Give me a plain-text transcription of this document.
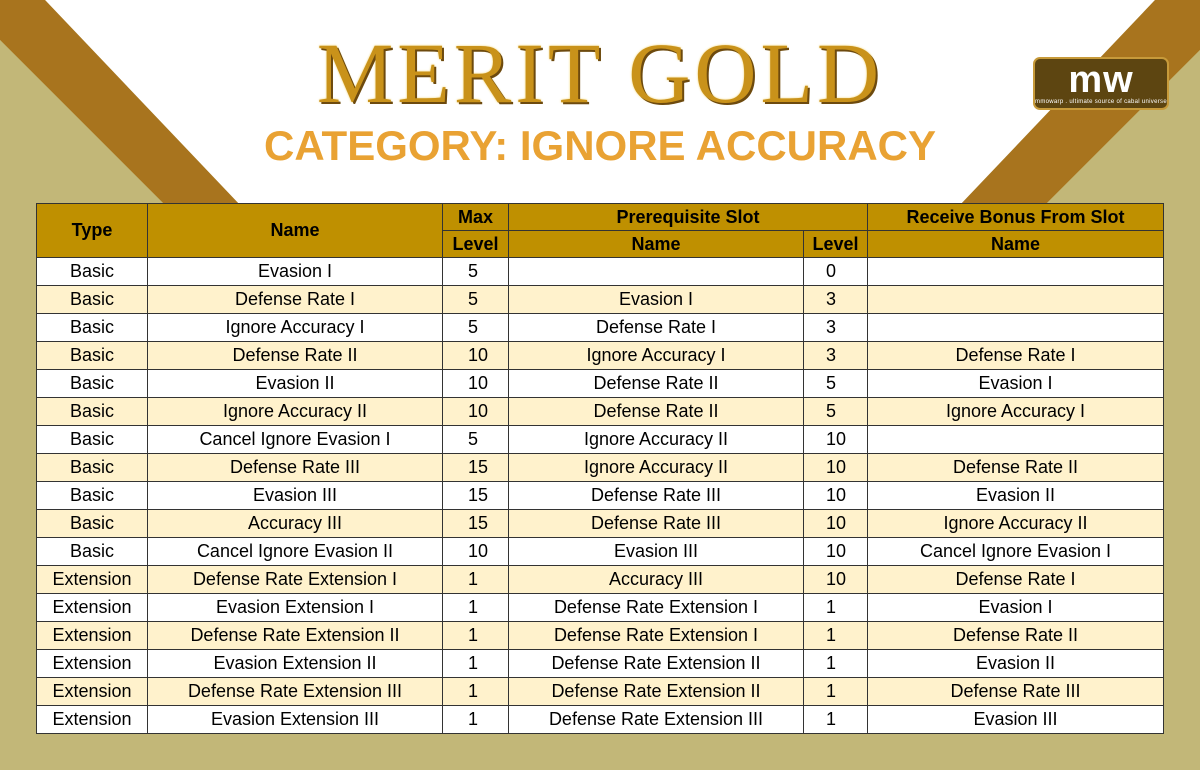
MERIT GOLD
CATEGORY: IGNORE ACCURACY
mw
mmowarp . ultimate source of cabal universe
Type	Name	Max	Prerequisite Slot		Receive Bonus From Slot
		Level	Name	Level	Name
Basic	Evasion I	5		0	
Basic	Defense Rate I	5	Evasion I	3	
Basic	Ignore Accuracy I	5	Defense Rate I	3	
Basic	Defense Rate II	10	Ignore Accuracy I	3	Defense Rate I
Basic	Evasion II	10	Defense Rate II	5	Evasion I
Basic	Ignore Accuracy II	10	Defense Rate II	5	Ignore Accuracy I
Basic	Cancel Ignore Evasion I	5	Ignore Accuracy II	10	
Basic	Defense Rate III	15	Ignore Accuracy II	10	Defense Rate II
Basic	Evasion III	15	Defense Rate III	10	Evasion II
Basic	Accuracy III	15	Defense Rate III	10	Ignore Accuracy II
Basic	Cancel Ignore Evasion II	10	Evasion III	10	Cancel Ignore Evasion I
Extension	Defense Rate Extension I	1	Accuracy III	10	Defense Rate I
Extension	Evasion Extension I	1	Defense Rate Extension I	1	Evasion I
Extension	Defense Rate Extension II	1	Defense Rate Extension I	1	Defense Rate II
Extension	Evasion Extension II	1	Defense Rate Extension II	1	Evasion II
Extension	Defense Rate Extension III	1	Defense Rate Extension II	1	Defense Rate III
Extension	Evasion Extension III	1	Defense Rate Extension III	1	Evasion III
